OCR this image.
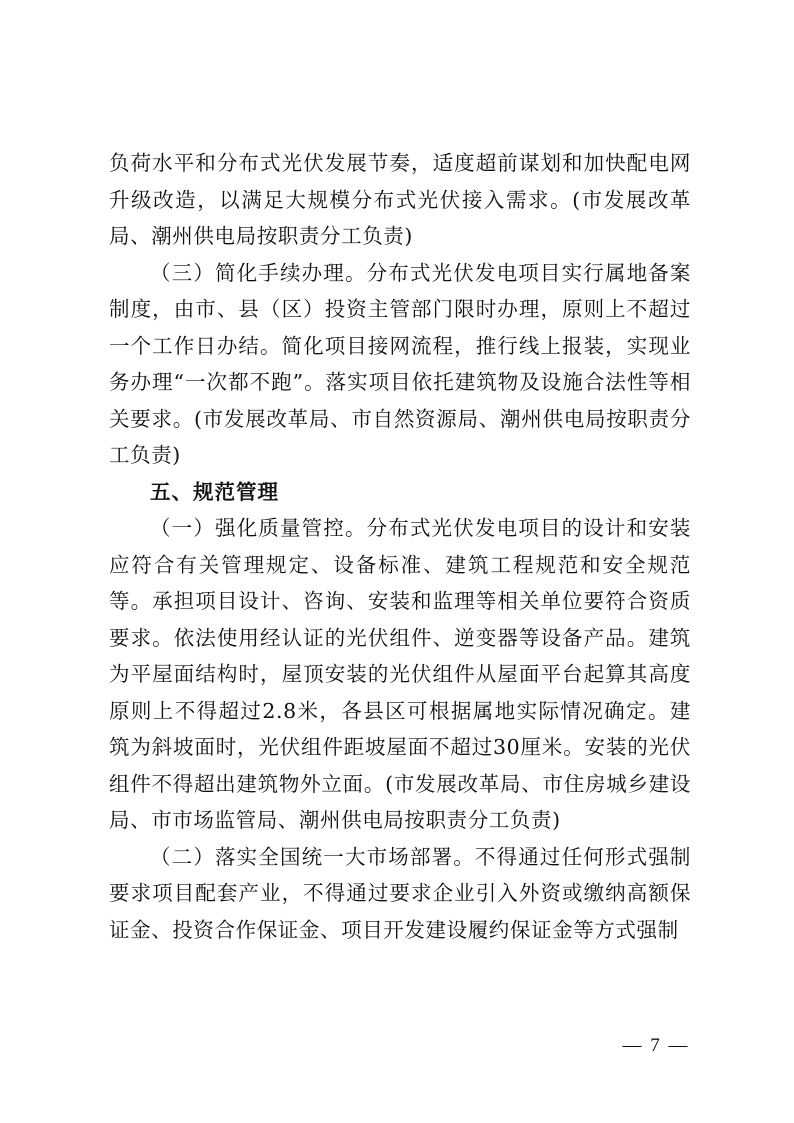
负荷水平和分布式光伏发展节奏，适度超前谋划和加快配电网升级改造，以满足大规模分布式光伏接入需求。(市发展改革局、潮州供电局按职责分工负责)

（三）简化手续办理。分布式光伏发电项目实行属地备案制度，由市、县（区）投资主管部门限时办理，原则上不超过一个工作日办结。简化项目接网流程，推行线上报装，实现业务办理“一次都不跑”。落实项目依托建筑物及设施合法性等相关要求。(市发展改革局、市自然资源局、潮州供电局按职责分工负责)

五、规范管理

（一）强化质量管控。分布式光伏发电项目的设计和安装应符合有关管理规定、设备标准、建筑工程规范和安全规范等。承担项目设计、咨询、安装和监理等相关单位要符合资质要求。依法使用经认证的光伏组件、逆变器等设备产品。建筑为平屋面结构时，屋顶安装的光伏组件从屋面平台起算其高度原则上不得超过2.8米，各县区可根据属地实际情况确定。建筑为斜坡面时，光伏组件距坡屋面不超过30厘米。安装的光伏组件不得超出建筑物外立面。(市发展改革局、市住房城乡建设局、市市场监管局、潮州供电局按职责分工负责)

（二）落实全国统一大市场部署。不得通过任何形式强制要求项目配套产业，不得通过要求企业引入外资或缴纳高额保证金、投资合作保证金、项目开发建设履约保证金等方式强制

— 7 —
